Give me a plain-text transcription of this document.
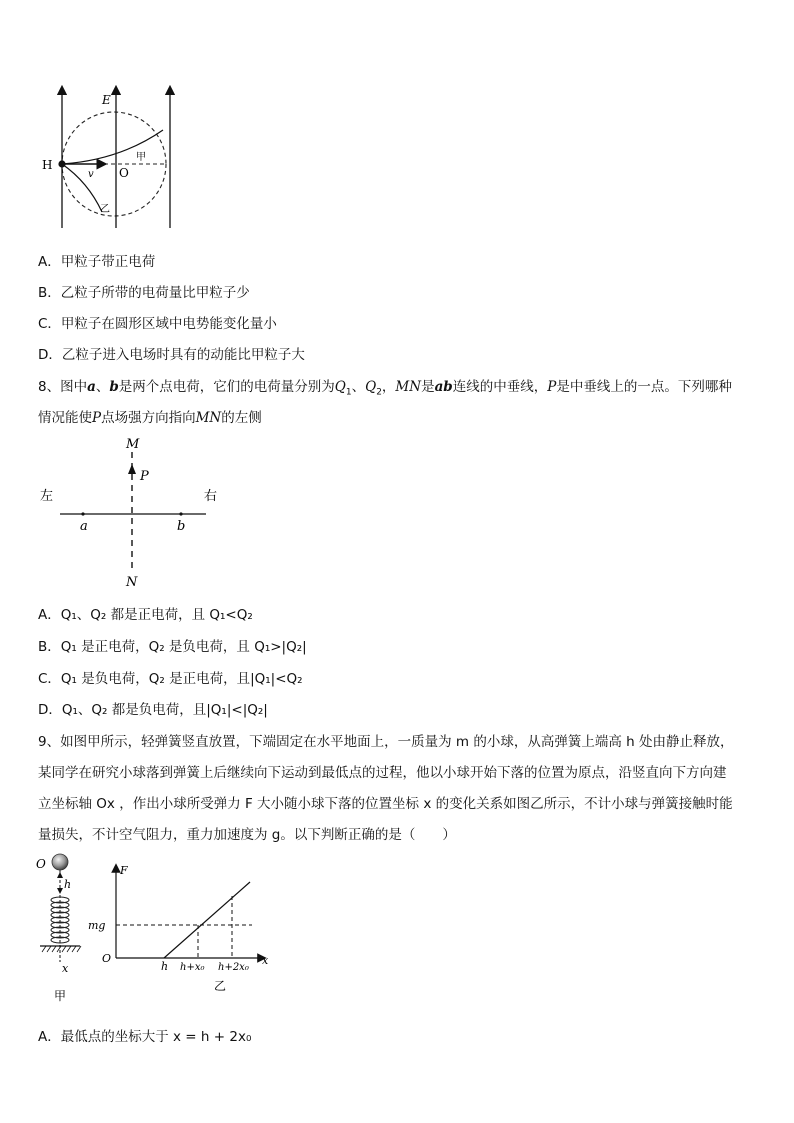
E
H
O
v
甲
乙
A．甲粒子带正电荷
B．乙粒子所带的电荷量比甲粒子少
C．甲粒子在圆形区域中电势能变化量小
D．乙粒子进入电场时具有的动能比甲粒子大
8、图中a、b是两个点电荷，它们的电荷量分别为$Q_1$、$Q_2$，MN是ab连线的中垂线，P是中垂线上的一点。下列哪种
情况能使P点场强方向指向MN的左侧
M
P
N
左	右
a	b
A．Q₁、Q₂ 都是正电荷，且 Q₁<Q₂
B．Q₁ 是正电荷，Q₂ 是负电荷，且 Q₁>|Q₂|
C．Q₁ 是负电荷，Q₂ 是正电荷，且|Q₁|<Q₂
D．Q₁、Q₂ 都是负电荷，且|Q₁|<|Q₂|
9、如图甲所示，轻弹簧竖直放置，下端固定在水平地面上，一质量为 m 的小球，从高弹簧上端高 h 处由静止释放，
某同学在研究小球落到弹簧上后继续向下运动到最低点的过程，他以小球开始下落的位置为原点，沿竖直向下方向建
立坐标轴 Ox ，作出小球所受弹力 F 大小随小球下落的位置坐标 x 的变化关系如图乙所示，不计小球与弹簧接触时能
量损失，不计空气阻力，重力加速度为 g。以下判断正确的是（　　）
O
h
x
甲
F
O
mg
h h+x₀ h+2x₀
x
乙
A．最低点的坐标大于 x = h + 2x₀
